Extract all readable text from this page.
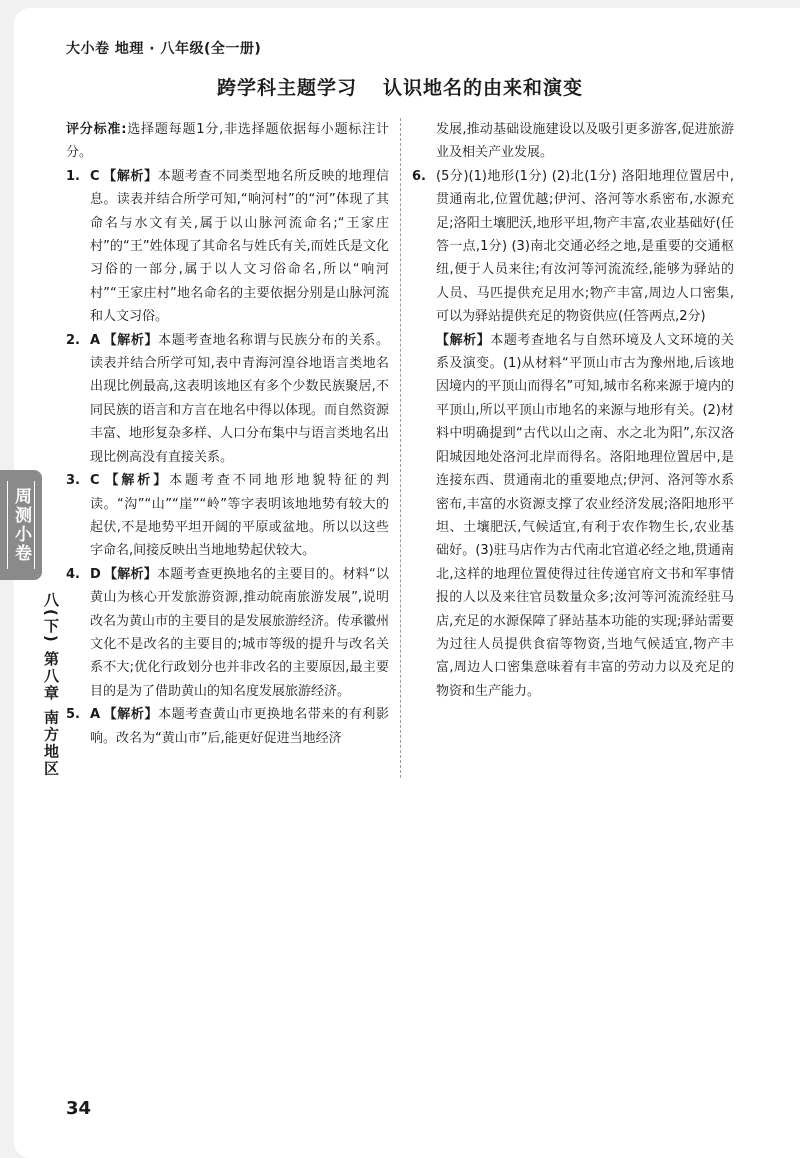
大小卷 地理 · 八年级(全一册)
跨学科主题学习 认识地名的由来和演变

评分标准:选择题每题1分,非选择题依据每小题标注计分。

1. C 【解析】本题考查不同类型地名所反映的地理信息。读表并结合所学可知,“响河村”的“河”体现了其命名与水文有关,属于以山脉河流命名;“王家庄村”的“王”姓体现了其命名与姓氏有关,而姓氏是文化习俗的一部分,属于以人文习俗命名,所以“响河村”“王家庄村”地名命名的主要依据分别是山脉河流和人文习俗。
2. A 【解析】本题考查地名称谓与民族分布的关系。读表并结合所学可知,表中青海河湟谷地语言类地名出现比例最高,这表明该地区有多个少数民族聚居,不同民族的语言和方言在地名中得以体现。而自然资源丰富、地形复杂多样、人口分布集中与语言类地名出现比例高没有直接关系。
3. C 【解析】本题考查不同地形地貌特征的判读。“沟”“山”“崖”“岭”等字表明该地地势有较大的起伏,不是地势平坦开阔的平原或盆地。所以以这些字命名,间接反映出当地地势起伏较大。
4. D 【解析】本题考查更换地名的主要目的。材料“以黄山为核心开发旅游资源,推动皖南旅游发展”,说明改名为黄山市的主要目的是发展旅游经济。传承徽州文化不是改名的主要目的;城市等级的提升与改名关系不大;优化行政划分也并非改名的主要原因,最主要目的是为了借助黄山的知名度发展旅游经济。
5. A 【解析】本题考查黄山市更换地名带来的有利影响。改名为“黄山市”后,能更好促进当地经济
发展,推动基础设施建设以及吸引更多游客,促进旅游业及相关产业发展。
6. (5分)(1)地形(1分) (2)北(1分) 洛阳地理位置居中,贯通南北,位置优越;伊河、洛河等水系密布,水源充足;洛阳土壤肥沃,地形平坦,物产丰富,农业基础好(任答一点,1分) (3)南北交通必经之地,是重要的交通枢纽,便于人员来往;有汝河等河流流经,能够为驿站的人员、马匹提供充足用水;物产丰富,周边人口密集,可以为驿站提供充足的物资供应(任答两点,2分)
【解析】本题考查地名与自然环境及人文环境的关系及演变。(1)从材料“平顶山市古为豫州地,后该地因境内的平顶山而得名”可知,城市名称来源于境内的平顶山,所以平顶山市地名的来源与地形有关。(2)材料中明确提到“古代以山之南、水之北为阳”,东汉洛阳城因地处洛河北岸而得名。洛阳地理位置居中,是连接东西、贯通南北的重要地点;伊河、洛河等水系密布,丰富的水资源支撑了农业经济发展;洛阳地形平坦、土壤肥沃,气候适宜,有利于农作物生长,农业基础好。(3)驻马店作为古代南北官道必经之地,贯通南北,这样的地理位置使得过往传递官府文书和军事情报的人以及来往官员数量众多;汝河等河流流经驻马店,充足的水源保障了驿站基本功能的实现;驿站需要为过往人员提供食宿等物资,当地气候适宜,物产丰富,周边人口密集意味着有丰富的劳动力以及充足的物资和生产能力。
周测小卷
八(下) 第八章 南方地区
34
